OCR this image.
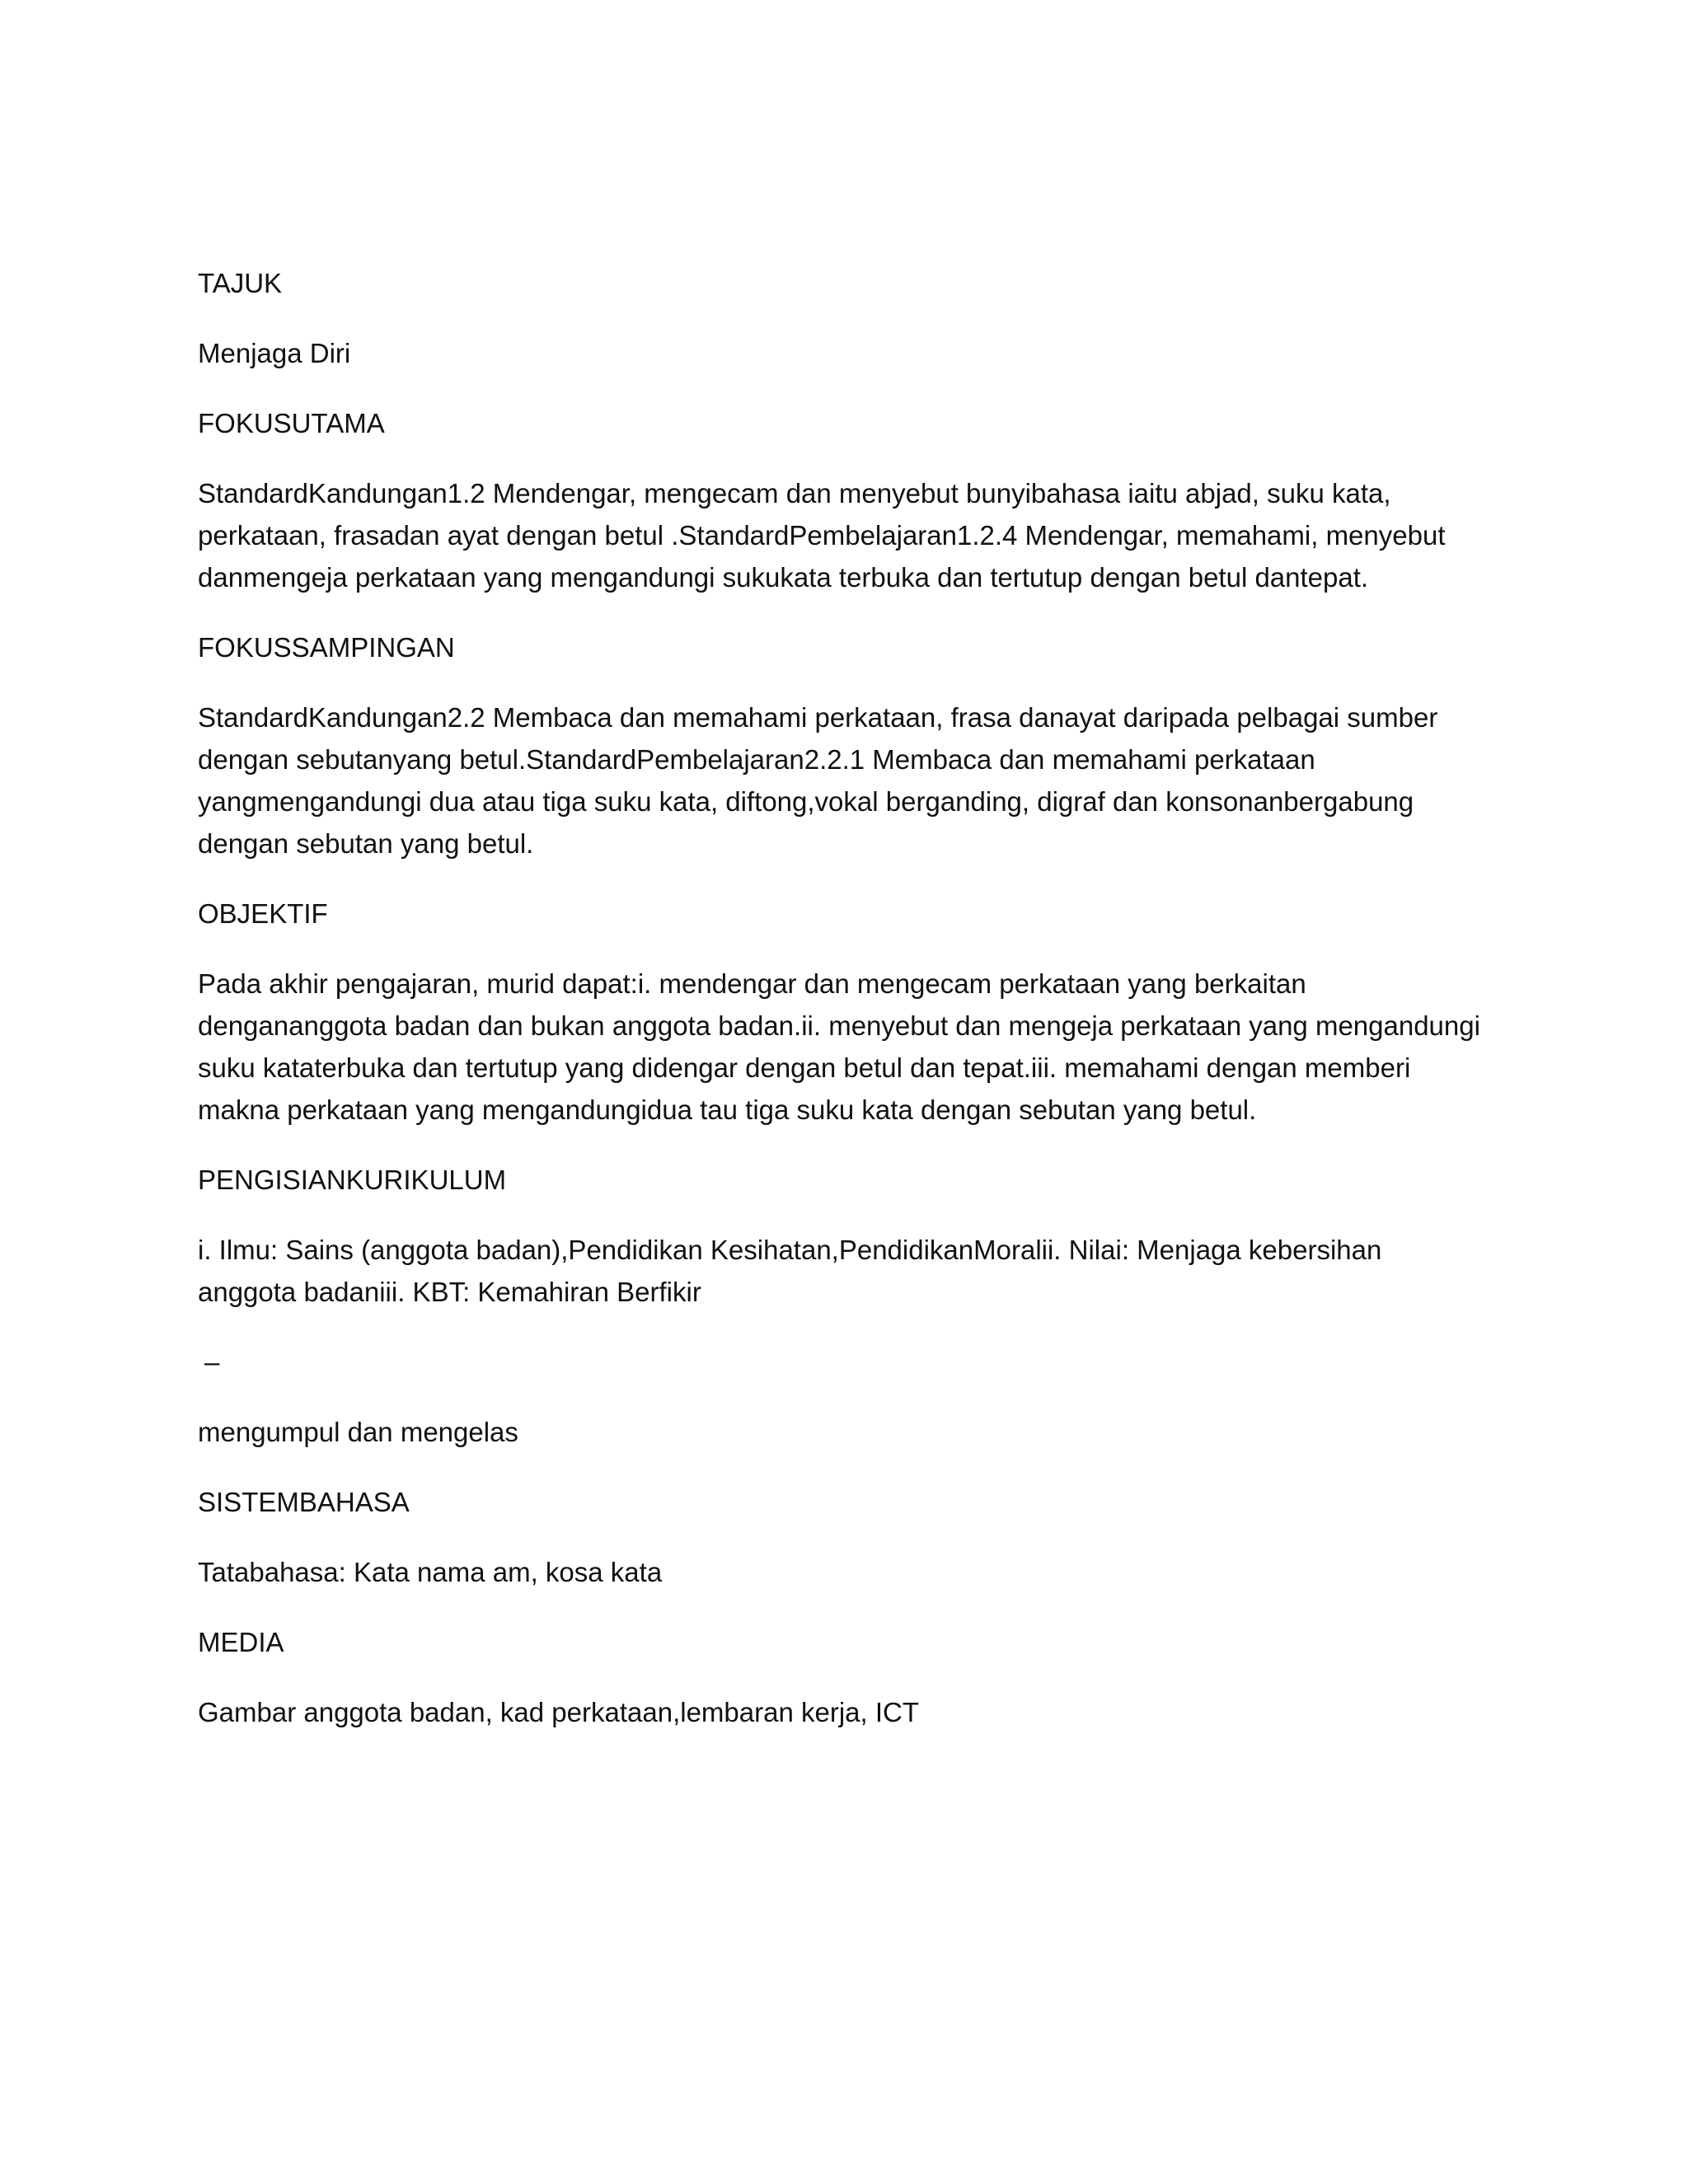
TAJUK

Menjaga Diri

FOKUSUTAMA

StandardKandungan1.2 Mendengar, mengecam dan menyebut bunyibahasa iaitu abjad, suku kata, perkataan, frasadan ayat dengan betul .StandardPembelajaran1.2.4 Mendengar, memahami, menyebut danmengeja perkataan yang mengandungi sukukata terbuka dan tertutup dengan betul dantepat.

FOKUSSAMPINGAN

StandardKandungan2.2 Membaca dan memahami perkataan, frasa danayat daripada pelbagai sumber dengan sebutanyang betul.StandardPembelajaran2.2.1 Membaca dan memahami perkataan yangmengandungi dua atau tiga suku kata, diftong,vokal berganding, digraf dan konsonanbergabung dengan sebutan yang betul.

OBJEKTIF

Pada akhir pengajaran, murid dapat:i. mendengar dan mengecam perkataan yang berkaitan dengananggota badan dan bukan anggota badan.ii. menyebut dan mengeja perkataan yang mengandungi suku kataterbuka dan tertutup yang didengar dengan betul dan tepat.iii. memahami dengan memberi makna perkataan yang mengandungidua tau tiga suku kata dengan sebutan yang betul.

PENGISIANKURIKULUM

i. Ilmu: Sains (anggota badan),Pendidikan Kesihatan,PendidikanMoralii. Nilai: Menjaga kebersihan anggota badaniii. KBT: Kemahiran Berfikir

–

mengumpul dan mengelas

SISTEMBAHASA

Tatabahasa: Kata nama am, kosa kata

MEDIA

Gambar anggota badan, kad perkataan,lembaran kerja, ICT
